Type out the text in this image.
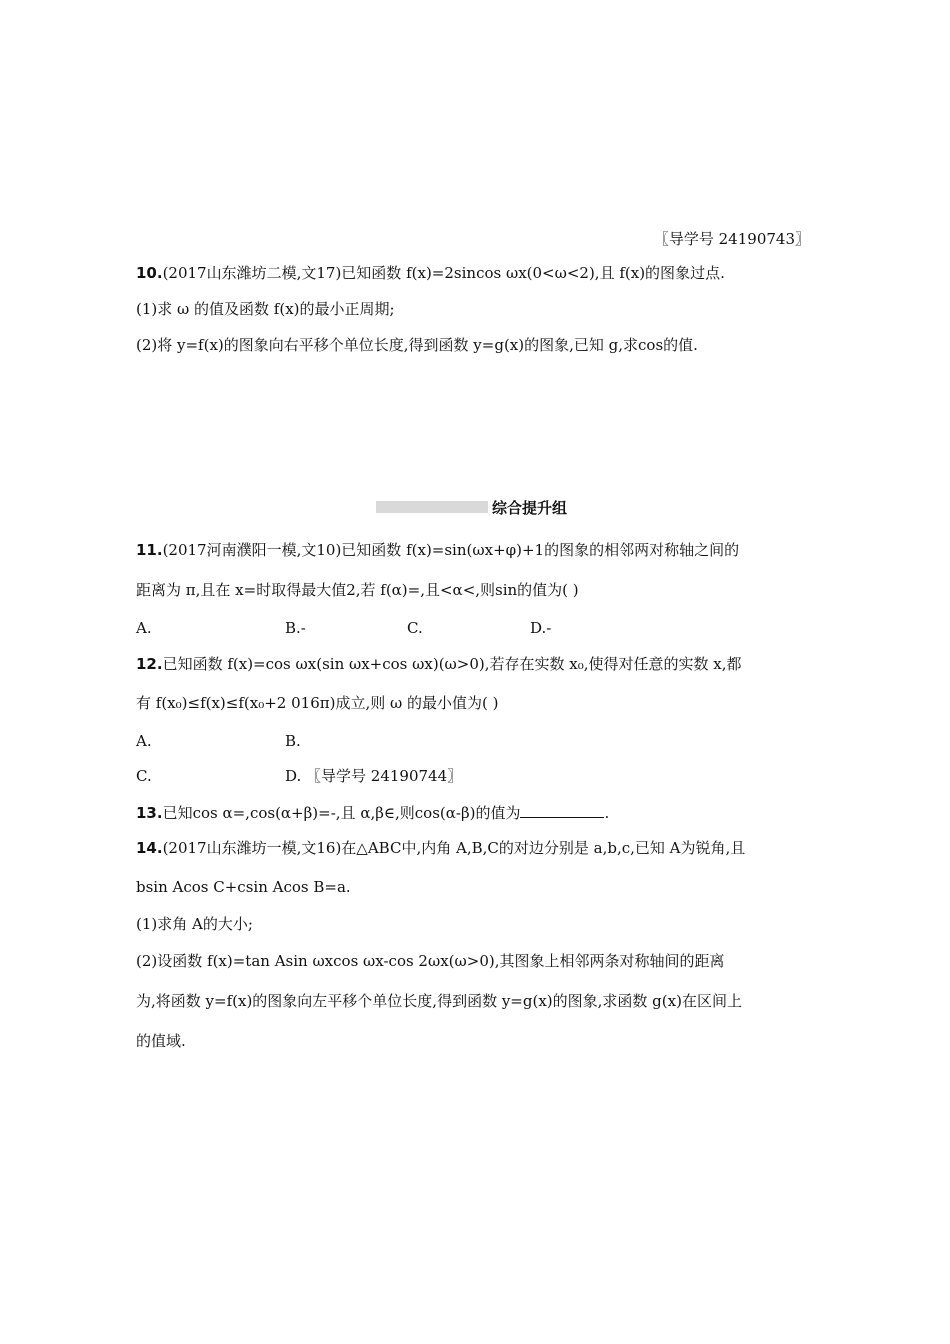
〖导学号 24190743〗
10.(2017山东潍坊二模,文17)已知函数 f(x)=2sincos ωx(0<ω<2),且 f(x)的图象过点.
(1)求 ω 的值及函数 f(x)的最小正周期;
(2)将 y=f(x)的图象向右平移个单位长度,得到函数 y=g(x)的图象,已知 g,求cos的值.
综合提升组
11.(2017河南濮阳一模,文10)已知函数 f(x)=sin(ωx+φ)+1的图象的相邻两对称轴之间的
距离为 π,且在 x=时取得最大值2,若 f(α)=,且<α<,则sin的值为( )
A.	B.-	C.	D.-
12.已知函数 f(x)=cos ωx(sin ωx+cos ωx)(ω>0),若存在实数 x₀,使得对任意的实数 x,都
有 f(x₀)≤f(x)≤f(x₀+2 016π)成立,则 ω 的最小值为( )
A.	B.
C.	D. 〖导学号 24190744〗
13.已知cos α=,cos(α+β)=-,且 α,β∈,则cos(α-β)的值为	.
14.(2017山东潍坊一模,文16)在△ABC中,内角 A,B,C的对边分别是 a,b,c,已知 A为锐角,且
bsin Acos C+csin Acos B=a.
(1)求角 A的大小;
(2)设函数 f(x)=tan Asin ωxcos ωx-cos 2ωx(ω>0),其图象上相邻两条对称轴间的距离
为,将函数 y=f(x)的图象向左平移个单位长度,得到函数 y=g(x)的图象,求函数 g(x)在区间上
的值域.
